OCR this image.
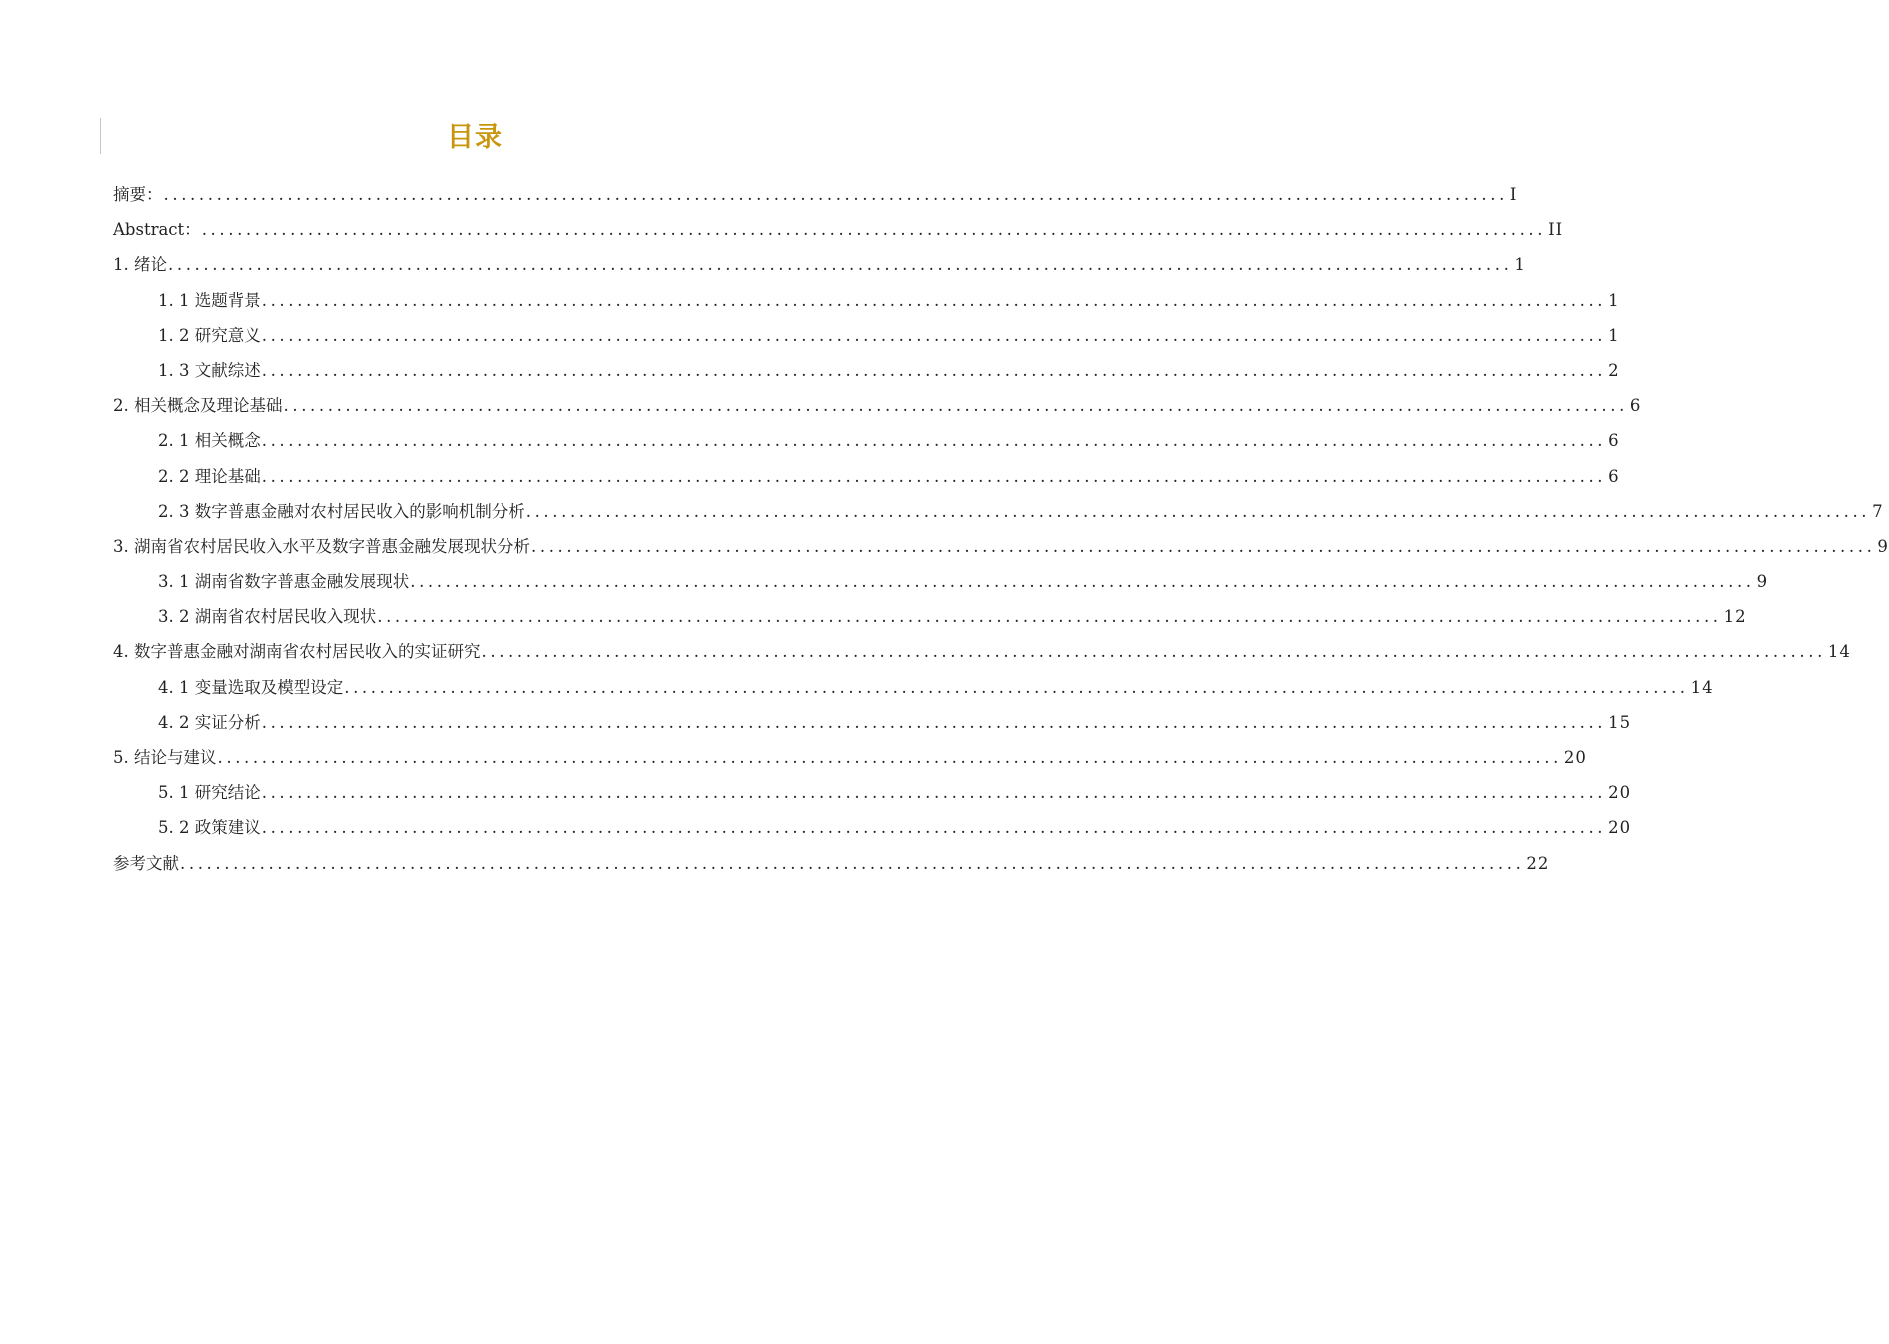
目录
摘要： ........................................................................................................................................................ I
Abstract： ........................................................................................................................................................ II
1. 绪论 ........................................................................................................................................................ 1
1. 1 选题背景 ........................................................................................................................................................ 1
1. 2 研究意义 ........................................................................................................................................................ 1
1. 3 文献综述 ........................................................................................................................................................ 2
2. 相关概念及理论基础 ........................................................................................................................................................ 6
2. 1 相关概念 ........................................................................................................................................................ 6
2. 2 理论基础 ........................................................................................................................................................ 6
2. 3 数字普惠金融对农村居民收入的影响机制分析 ........................................................................................................................................................ 7
3. 湖南省农村居民收入水平及数字普惠金融发展现状分析 ........................................................................................................................................................ 9
3. 1 湖南省数字普惠金融发展现状 ........................................................................................................................................................ 9
3. 2 湖南省农村居民收入现状 ........................................................................................................................................................ 12
4. 数字普惠金融对湖南省农村居民收入的实证研究 ........................................................................................................................................................ 14
4. 1 变量选取及模型设定 ........................................................................................................................................................ 14
4. 2 实证分析 ........................................................................................................................................................ 15
5. 结论与建议 ........................................................................................................................................................ 20
5. 1 研究结论 ........................................................................................................................................................ 20
5. 2 政策建议 ........................................................................................................................................................ 20
参考文献 ........................................................................................................................................................ 22
